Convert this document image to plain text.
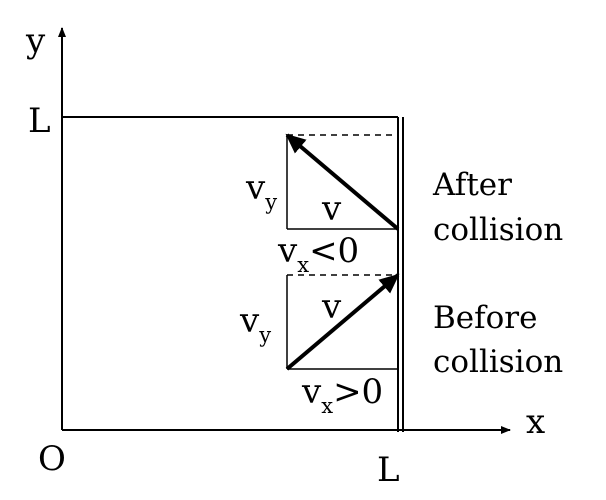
y
x
O
L
L
After
collision
v
$v_y$
$v_x<0$
Before
collision
v
$v_y$
$v_x>0$
